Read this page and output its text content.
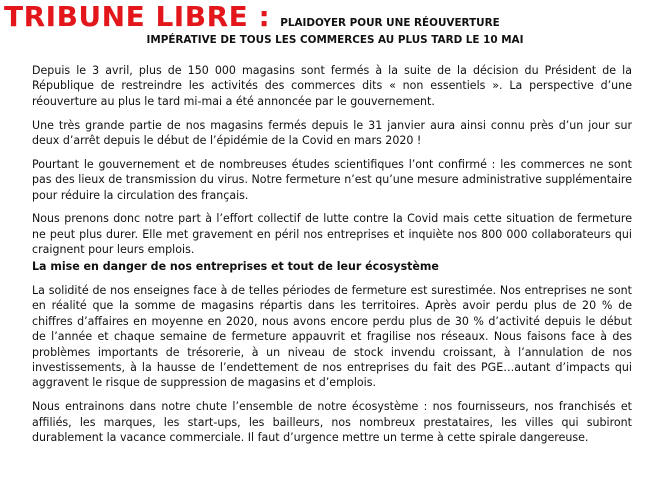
TRIBUNE LIBRE : PLAIDOYER POUR UNE RÉOUVERTURE
IMPÉRATIVE DE TOUS LES COMMERCES AU PLUS TARD LE 10 MAI

Depuis le 3 avril, plus de 150 000 magasins sont fermés à la suite de la décision du Président de la République de restreindre les activités des commerces dits « non essentiels ». La perspective d’une réouverture au plus le tard mi-mai a été annoncée par le gouvernement.

Une très grande partie de nos magasins fermés depuis le 31 janvier aura ainsi connu près d’un jour sur deux d’arrêt depuis le début de l’épidémie de la Covid en mars 2020 !

Pourtant le gouvernement et de nombreuses études scientifiques l’ont confirmé : les commerces ne sont pas des lieux de transmission du virus. Notre fermeture n’est qu’une mesure administrative supplémentaire pour réduire la circulation des français.

Nous prenons donc notre part à l’effort collectif de lutte contre la Covid mais cette situation de fermeture ne peut plus durer. Elle met gravement en péril nos entreprises et inquiète nos 800 000 collaborateurs qui craignent pour leurs emplois.

La mise en danger de nos entreprises et tout de leur écosystème

La solidité de nos enseignes face à de telles périodes de fermeture est surestimée. Nos entreprises ne sont en réalité que la somme de magasins répartis dans les territoires. Après avoir perdu plus de 20 % de chiffres d’affaires en moyenne en 2020, nous avons encore perdu plus de 30 % d’activité depuis le début de l’année et chaque semaine de fermeture appauvrit et fragilise nos réseaux. Nous faisons face à des problèmes importants de trésorerie, à un niveau de stock invendu croissant, à l’annulation de nos investissements, à la hausse de l’endettement de nos entreprises du fait des PGE…autant d’impacts qui aggravent le risque de suppression de magasins et d’emplois.

Nous entrainons dans notre chute l’ensemble de notre écosystème : nos fournisseurs, nos franchisés et affiliés, les marques, les start-ups, les bailleurs, nos nombreux prestataires, les villes qui subiront durablement la vacance commerciale. Il faut d’urgence mettre un terme à cette spirale dangereuse.
